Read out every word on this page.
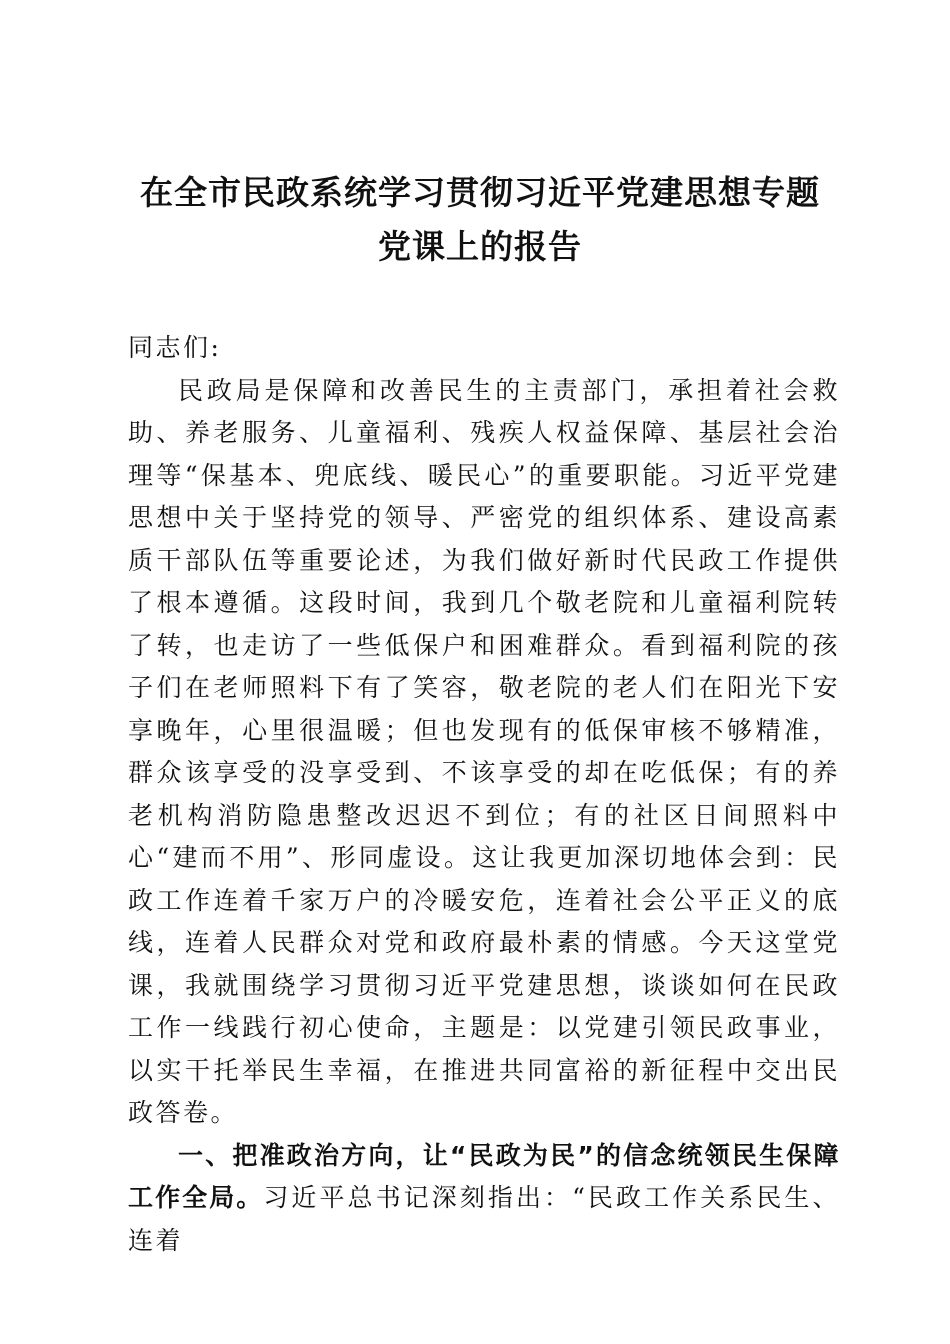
在全市民政系统学习贯彻习近平党建思想专题
党课上的报告

同志们:

民政局是保障和改善民生的主责部门，承担着社会救助、养老服务、儿童福利、残疾人权益保障、基层社会治理等“保基本、兜底线、暖民心”的重要职能。习近平党建思想中关于坚持党的领导、严密党的组织体系、建设高素质干部队伍等重要论述，为我们做好新时代民政工作提供了根本遵循。这段时间，我到几个敬老院和儿童福利院转了转，也走访了一些低保户和困难群众。看到福利院的孩子们在老师照料下有了笑容，敬老院的老人们在阳光下安享晚年，心里很温暖；但也发现有的低保审核不够精准，群众该享受的没享受到、不该享受的却在吃低保；有的养老机构消防隐患整改迟迟不到位；有的社区日间照料中心“建而不用”、形同虚设。这让我更加深切地体会到：民政工作连着千家万户的冷暖安危，连着社会公平正义的底线，连着人民群众对党和政府最朴素的情感。今天这堂党课，我就围绕学习贯彻习近平党建思想，谈谈如何在民政工作一线践行初心使命，主题是：以党建引领民政事业，以实干托举民生幸福，在推进共同富裕的新征程中交出民政答卷。

一、把准政治方向，让“民政为民”的信念统领民生保障工作全局。习近平总书记深刻指出：“民政工作关系民生、连着
